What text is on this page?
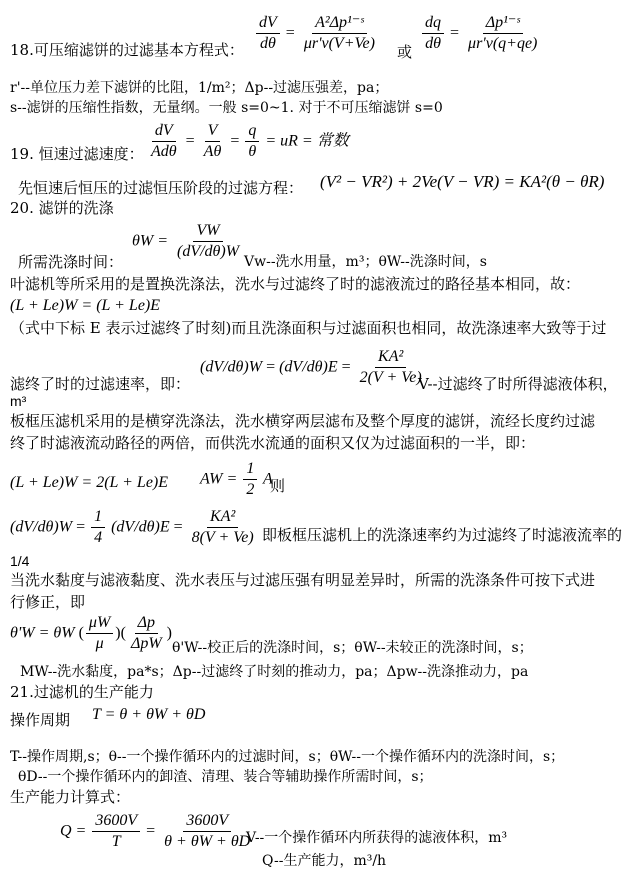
18.可压缩滤饼的过滤基本方程式： $\frac{dV}{d\theta} = \frac{\text{A²Δp¹⁻ˢ}}{\mu r'v(V+Ve)}$ 或 $\frac{dq}{d\theta} = \frac{\text{Δp¹⁻ˢ}}{\mu r'v(q+qe)}$
r'--单位压力差下滤饼的比阻，1/m²；Δp--过滤压强差，pa；
s--滤饼的压缩性指数，无量纲。一般 s=0~1. 对于不可压缩滤饼 s=0
19. 恒速过滤速度： $\frac{dV}{\text{Adθ}} = \frac{V}{A\theta} = \frac{q}{\theta}$ = uR = 常数
先恒速后恒压的过滤恒压阶段的过滤方程： (V² − VR²) + 2Ve(V − VR) = KA²(θ − θR)
20. 滤饼的洗涤
所需洗涤时间：
$\theta W = \frac{VW}{(dV/d\theta)W}$
Vw--洗水用量，m³；θW--洗涤时间，s
叶滤机等所采用的是置换洗涤法，洗水与过滤终了时的滤液流过的路径基本相同，故：
(L + Le)W = (L + Le)E
（式中下标 E 表示过滤终了时刻)而且洗涤面积与过滤面积也相同，故洗涤速率大致等于过
滤终了时的过滤速率，即：
$(dV/d\theta)W = (dV/d\theta)E = \frac{\text{KA²}}{2(V + Ve)}$
V--过滤终了时所得滤液体积，
m³
板框压滤机采用的是横穿洗涤法，洗水横穿两层滤布及整个厚度的滤饼，流经长度约过滤
终了时滤液流动路径的两倍，而供洗水流通的面积又仅为过滤面积的一半，即：
(L + Le)W = 2(L + Le)E AW = $\frac{1}{2}$ A
则
$(dV/d\theta)W = \frac{1}{4} (dV/d\theta)E = \frac{\text{KA²}}{8(V + Ve)}$ 即板框压滤机上的洗涤速率约为过滤终了时滤液流率的
1/4
当洗水黏度与滤液黏度、洗水表压与过滤压强有明显差异时，所需的洗涤条件可按下式进
行修正，即
θ'W = θW ( $\frac{\mu W}{\mu}$ )( $\frac{\Delta p}{\text{ΔpW}}$ )
θ'W--校正后的洗涤时间，s；θW--未较正的洗涤时间，s；
MW--洗水黏度，pa*s；Δp--过滤终了时刻的推动力，pa；Δpw--洗涤推动力，pa
21.过滤机的生产能力
操作周期 T = θ + θW + θD
T--操作周期,s；θ--一个操作循环内的过滤时间，s；θW--一个操作循环内的洗涤时间，s；
θD--一个操作循环内的卸渣、清理、装合等辅助操作所需时间，s；
生产能力计算式：
$Q = \frac{3600V}{T} = \frac{3600V}{\theta + \theta W + \theta D}$
V--一个操作循环内所获得的滤液体积，m³
Q--生产能力，m³/h
